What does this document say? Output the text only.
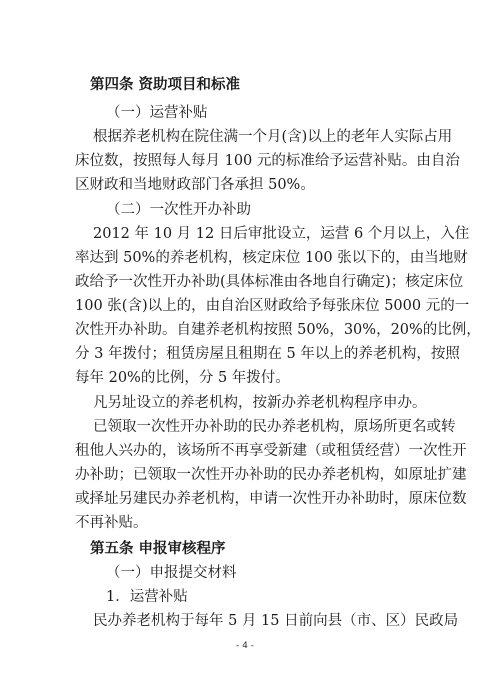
第四条 资助项目和标准
（一）运营补贴
根据养老机构在院住满一个月(含)以上的老年人实际占用
床位数，按照每人每月 100 元的标准给予运营补贴。由自治
区财政和当地财政部门各承担 50%。
（二）一次性开办补助
2012 年 10 月 12 日后审批设立，运营 6 个月以上，入住
率达到 50%的养老机构，核定床位 100 张以下的，由当地财
政给予一次性开办补助(具体标准由各地自行确定)；核定床位
100 张(含)以上的，由自治区财政给予每张床位 5000 元的一
次性开办补助。自建养老机构按照 50%，30%，20%的比例，
分 3 年拨付；租赁房屋且租期在 5 年以上的养老机构，按照
每年 20%的比例，分 5 年拨付。
凡另址设立的养老机构，按新办养老机构程序申办。
已领取一次性开办补助的民办养老机构，原场所更名或转
租他人兴办的，该场所不再享受新建（或租赁经营）一次性开
办补助；已领取一次性开办补助的民办养老机构，如原址扩建
或择址另建民办养老机构，申请一次性开办补助时，原床位数
不再补贴。
第五条 申报审核程序
（一）申报提交材料
1．运营补贴
民办养老机构于每年 5 月 15 日前向县（市、区）民政局
- 4 -
